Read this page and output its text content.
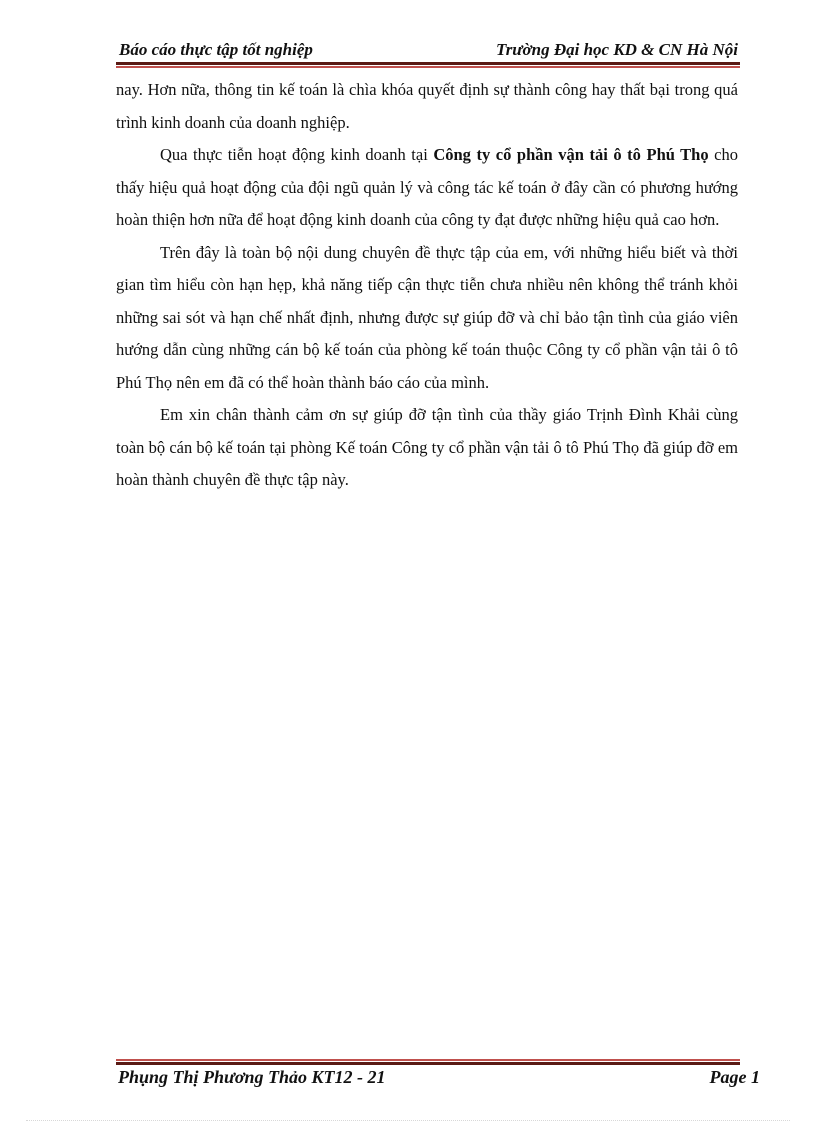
Báo cáo thực tập tốt nghiệp	Trường Đại học KD & CN Hà Nội

nay. Hơn nữa, thông tin kế toán là chìa khóa quyết định sự thành công hay thất bại trong quá trình kinh doanh của doanh nghiệp.

Qua thực tiễn hoạt động kinh doanh tại Công ty cổ phần vận tải ô tô Phú Thọ cho thấy hiệu quả hoạt động của đội ngũ quản lý và công tác kế toán ở đây cần có phương hướng hoàn thiện hơn nữa để hoạt động kinh doanh của công ty đạt được những hiệu quả cao hơn.

Trên đây là toàn bộ nội dung chuyên đề thực tập của em, với những hiểu biết và thời gian tìm hiểu còn hạn hẹp, khả năng tiếp cận thực tiễn chưa nhiều nên không thể tránh khỏi những sai sót và hạn chế nhất định, nhưng được sự giúp đỡ và chỉ bảo tận tình của giáo viên hướng dẫn cùng những cán bộ kế toán của phòng kế toán thuộc Công ty cổ phần vận tải ô tô Phú Thọ nên em đã có thể hoàn thành báo cáo của mình.

Em xin chân thành cảm ơn sự giúp đỡ tận tình của thầy giáo Trịnh Đình Khải cùng toàn bộ cán bộ kế toán tại phòng Kế toán Công ty cổ phần vận tải ô tô Phú Thọ đã giúp đỡ em hoàn thành chuyên đề thực tập này.

Phụng Thị Phương Thảo KT12 - 21	Page 1
